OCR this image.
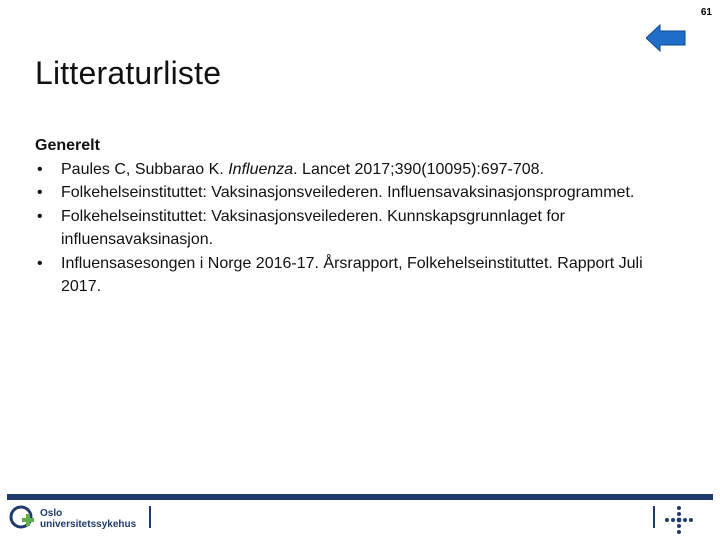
61
Litteraturliste
Generelt
• Paules C, Subbarao K. Influenza. Lancet 2017;390(10095):697-708.
• Folkehelseinstituttet: Vaksinasjonsveilederen. Influensavaksinasjonsprogrammet.
• Folkehelseinstituttet: Vaksinasjonsveilederen. Kunnskapsgrunnlaget for influensavaksinasjon.
• Influensasesongen i Norge 2016-17. Årsrapport, Folkehelseinstituttet. Rapport Juli 2017.
Oslo
universitetssykehus
